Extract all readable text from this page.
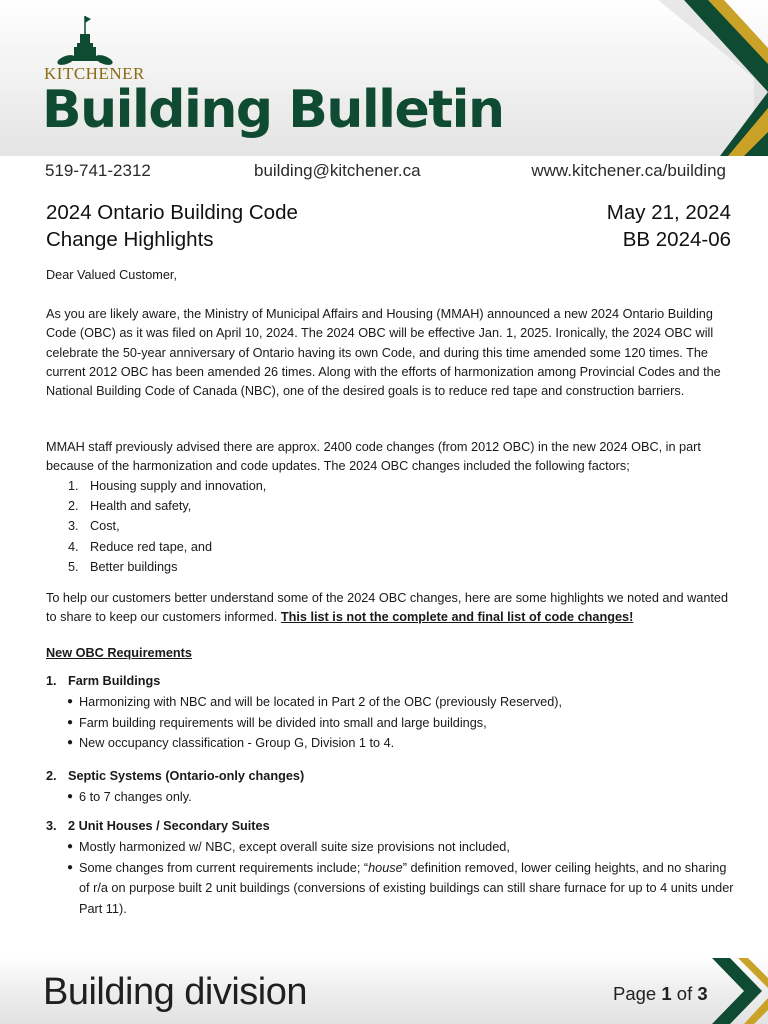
KITCHENER
Building Bulletin
519-741-2312	building@kitchener.ca	www.kitchener.ca/building
2024 Ontario Building Code
Change Highlights
May 21, 2024
BB 2024-06
Dear Valued Customer,
As you are likely aware, the Ministry of Municipal Affairs and Housing (MMAH) announced a new 2024 Ontario Building Code (OBC) as it was filed on April 10, 2024. The 2024 OBC will be effective Jan. 1, 2025. Ironically, the 2024 OBC will celebrate the 50-year anniversary of Ontario having its own Code, and during this time amended some 120 times. The current 2012 OBC has been amended 26 times. Along with the efforts of harmonization among Provincial Codes and the National Building Code of Canada (NBC), one of the desired goals is to reduce red tape and construction barriers.
MMAH staff previously advised there are approx. 2400 code changes (from 2012 OBC) in the new 2024 OBC, in part because of the harmonization and code updates. The 2024 OBC changes included the following factors;
1. Housing supply and innovation,
2. Health and safety,
3. Cost,
4. Reduce red tape, and
5. Better buildings
To help our customers better understand some of the 2024 OBC changes, here are some highlights we noted and wanted to share to keep our customers informed. This list is not the complete and final list of code changes!
New OBC Requirements
1. Farm Buildings
● Harmonizing with NBC and will be located in Part 2 of the OBC (previously Reserved),
● Farm building requirements will be divided into small and large buildings,
● New occupancy classification - Group G, Division 1 to 4.
2. Septic Systems (Ontario-only changes)
● 6 to 7 changes only.
3. 2 Unit Houses / Secondary Suites
● Mostly harmonized w/ NBC, except overall suite size provisions not included,
● Some changes from current requirements include; “house” definition removed, lower ceiling heights, and no sharing of r/a on purpose built 2 unit buildings (conversions of existing buildings can still share furnace for up to 4 units under Part 11).
Building division	Page 1 of 3
